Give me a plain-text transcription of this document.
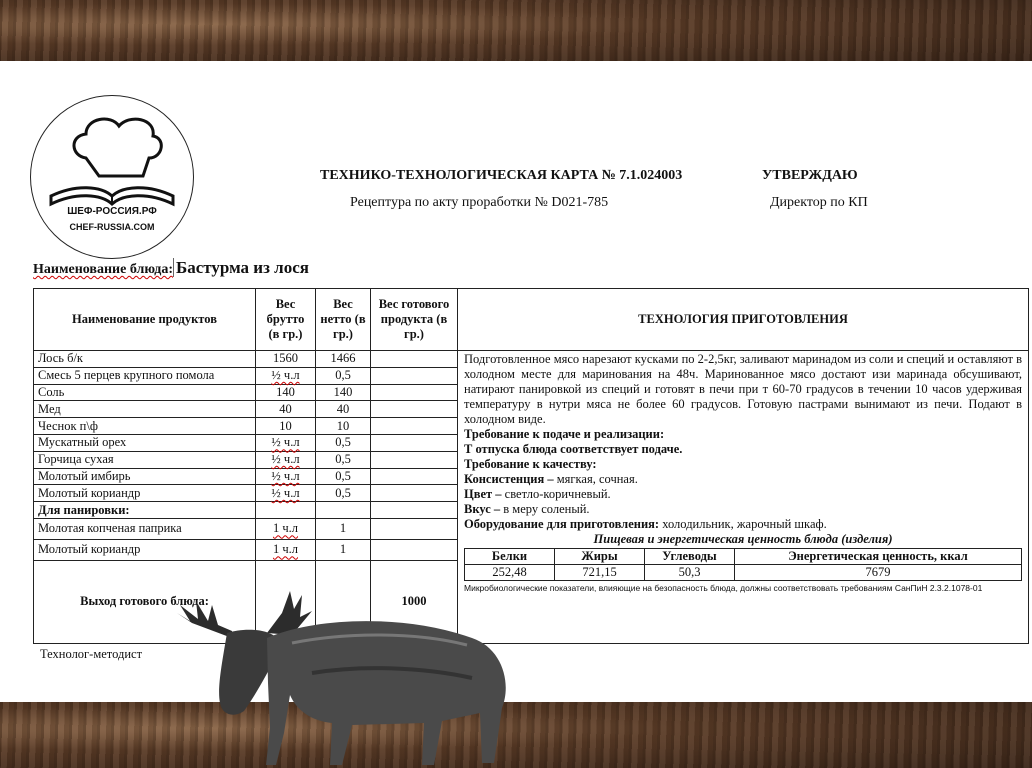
ШЕФ-РОССИЯ.РФ
CHEF-RUSSIA.COM
ТЕХНИКО-ТЕХНОЛОГИЧЕСКАЯ КАРТА № 7.1.024003	УТВЕРЖДАЮ
Рецептура по акту проработки № D021-785	Директор по КП
Наименование блюда: Бастурма из лося
Наименование продуктов	Вес брутто (в гр.)	Вес нетто (в гр.)	Вес готового продукта (в гр.)	ТЕХНОЛОГИЯ ПРИГОТОВЛЕНИЯ
Лось б/к	1560	1466		Подготовленное мясо нарезают кусками по 2-2,5кг, заливают маринадом из соли и специй и оставляют в холодном месте для маринования на 48ч. Маринованное мясо достают изи маринада обсушивают, натирают панировкой из специй и готовят в печи при т 60-70 градусов в течении 10 часов удерживая температуру в нутри мяса не более 60 градусов. Готовую пастрами вынимают из печи. Подают в холодном виде.

Требование к подаче и реализации:
Т отпуска блюда соответствует подаче.
Требование к качеству:
Консистенция – мягкая, сочная.
Цвет – светло-коричневый.
Вкус – в меру соленый.
Оборудование для приготовления: холодильник, жарочный шкаф.
Пищевая и энергетическая ценность блюда (изделия)
Белки	Жиры	Углеводы	Энергетическая ценность, ккал
252,48	721,15	50,3	7679
Микробиологические показатели, влияющие на безопасность блюда, должны соответствовать требованиям СанПиН 2.3.2.1078-01

Смесь 5 перцев крупного помола	½ ч.л	0,5	
Соль	140	140	
Мед	40	40	
Чеснок п\ф	10	10	
Мускатный орех	½ ч.л	0,5	
Горчица сухая	½ ч.л	0,5	
Молотый имбирь	½ ч.л	0,5	
Молотый кориандр	½ ч.л	0,5	
Для панировки:			
Молотая копченая паприка	1 ч.л	1	
Молотый кориандр	1 ч.л	1	
Выход готового блюда:			1000
Технолог-методист
